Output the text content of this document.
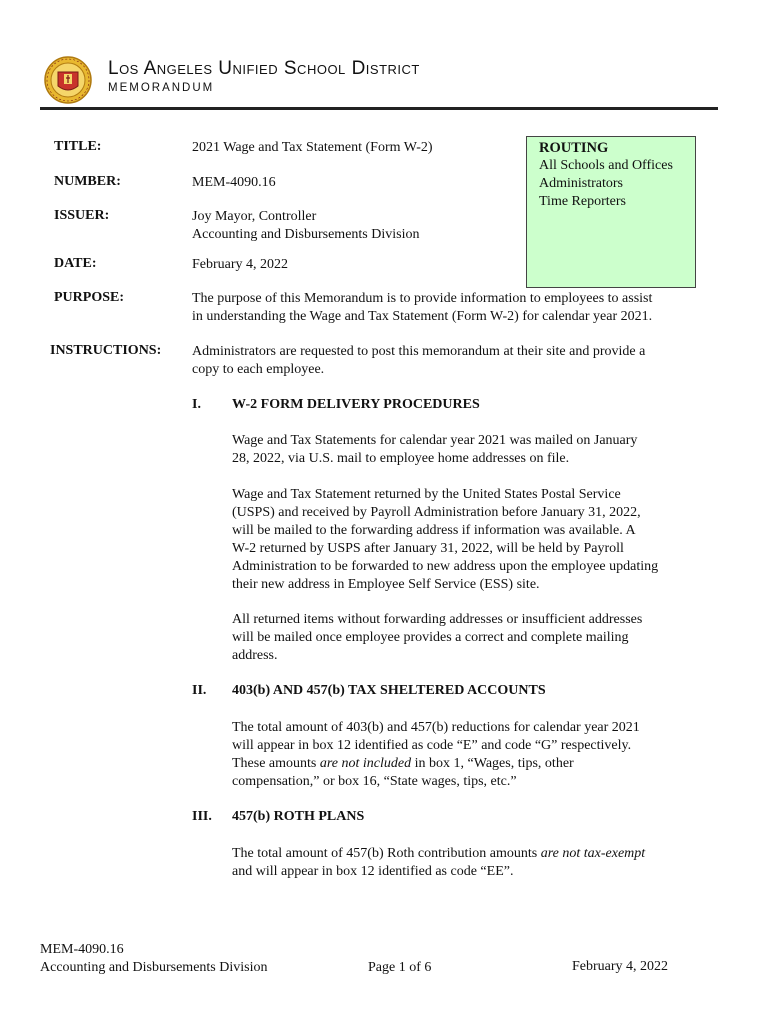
Los Angeles Unified School District
MEMORANDUM
TITLE:	2021 Wage and Tax Statement (Form W-2)
NUMBER:	MEM-4090.16
ISSUER:	Joy Mayor, Controller
Accounting and Disbursements Division
DATE:	February 4, 2022
PURPOSE:	The purpose of this Memorandum is to provide information to employees to assist
in understanding the Wage and Tax Statement (Form W-2) for calendar year 2021.
INSTRUCTIONS: Administrators are requested to post this memorandum at their site and provide a
copy to each employee.
ROUTING
All Schools and Offices
Administrators
Time Reporters
I. W-2 FORM DELIVERY PROCEDURES
Wage and Tax Statements for calendar year 2021 was mailed on January
28, 2022, via U.S. mail to employee home addresses on file.
Wage and Tax Statement returned by the United States Postal Service
(USPS) and received by Payroll Administration before January 31, 2022,
will be mailed to the forwarding address if information was available. A
W-2 returned by USPS after January 31, 2022, will be held by Payroll
Administration to be forwarded to new address upon the employee updating
their new address in Employee Self Service (ESS) site.
All returned items without forwarding addresses or insufficient addresses
will be mailed once employee provides a correct and complete mailing
address.
II. 403(b) AND 457(b) TAX SHELTERED ACCOUNTS
The total amount of 403(b) and 457(b) reductions for calendar year 2021
will appear in box 12 identified as code “E” and code “G” respectively.
These amounts are not included in box 1, “Wages, tips, other
compensation,” or box 16, “State wages, tips, etc.”
III. 457(b) ROTH PLANS
The total amount of 457(b) Roth contribution amounts are not tax-exempt
and will appear in box 12 identified as code “EE”.
MEM-4090.16
Accounting and Disbursements Division	Page 1 of 6	February 4, 2022
